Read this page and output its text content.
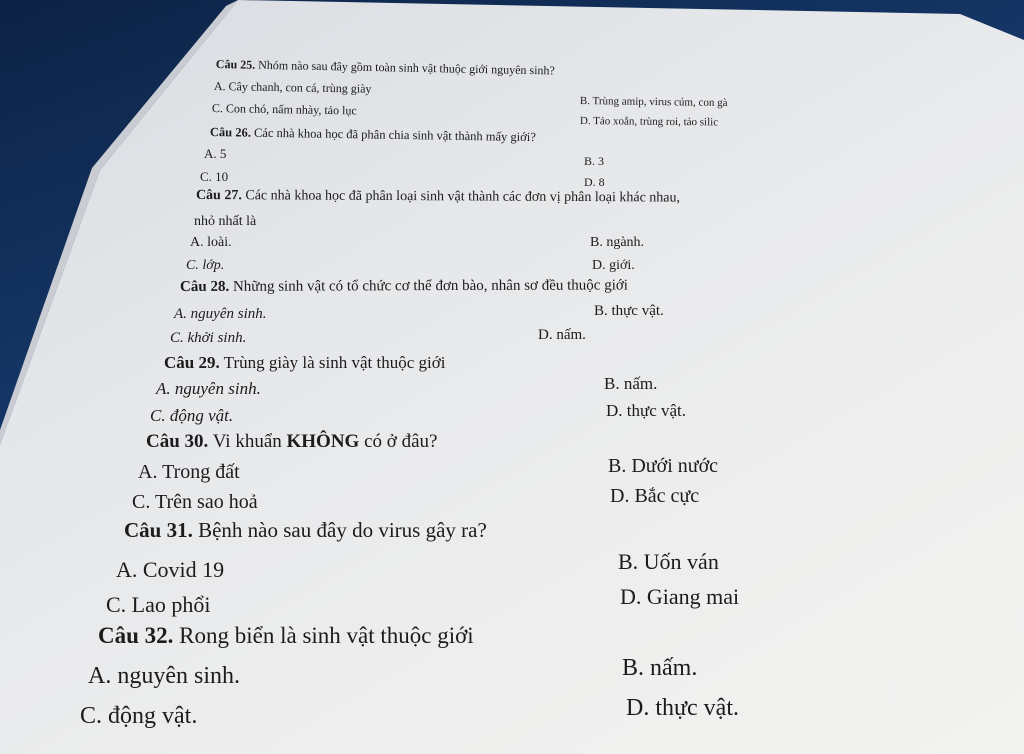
Câu 25. Nhóm nào sau đây gồm toàn sinh vật thuộc giới nguyên sinh?
A. Cây chanh, con cá, trùng giày
B. Trùng amip, virus cúm, con gà
C. Con chó, nấm nhày, tảo lục
D. Tảo xoắn, trùng roi, tảo silic
Câu 26. Các nhà khoa học đã phân chia sinh vật thành mấy giới?
A. 5	B. 3
C. 10	D. 8
Câu 27. Các nhà khoa học đã phân loại sinh vật thành các đơn vị phân loại khác nhau,
nhỏ nhất là
A. loài.	B. ngành.
C. lớp.	D. giới.
Câu 28. Những sinh vật có tổ chức cơ thể đơn bào, nhân sơ đều thuộc giới
A. nguyên sinh.	B. thực vật.
C. khởi sinh.	D. nấm.
Câu 29. Trùng giày là sinh vật thuộc giới
A. nguyên sinh.	B. nấm.
C. động vật.	D. thực vật.
Câu 30. Vi khuẩn KHÔNG có ở đâu?
A. Trong đất	B. Dưới nước
C. Trên sao hoả	D. Bắc cực
Câu 31. Bệnh nào sau đây do virus gây ra?
A. Covid 19	B. Uốn ván
C. Lao phổi	D. Giang mai
Câu 32. Rong biển là sinh vật thuộc giới
A. nguyên sinh.	B. nấm.
C. động vật.	D. thực vật.
